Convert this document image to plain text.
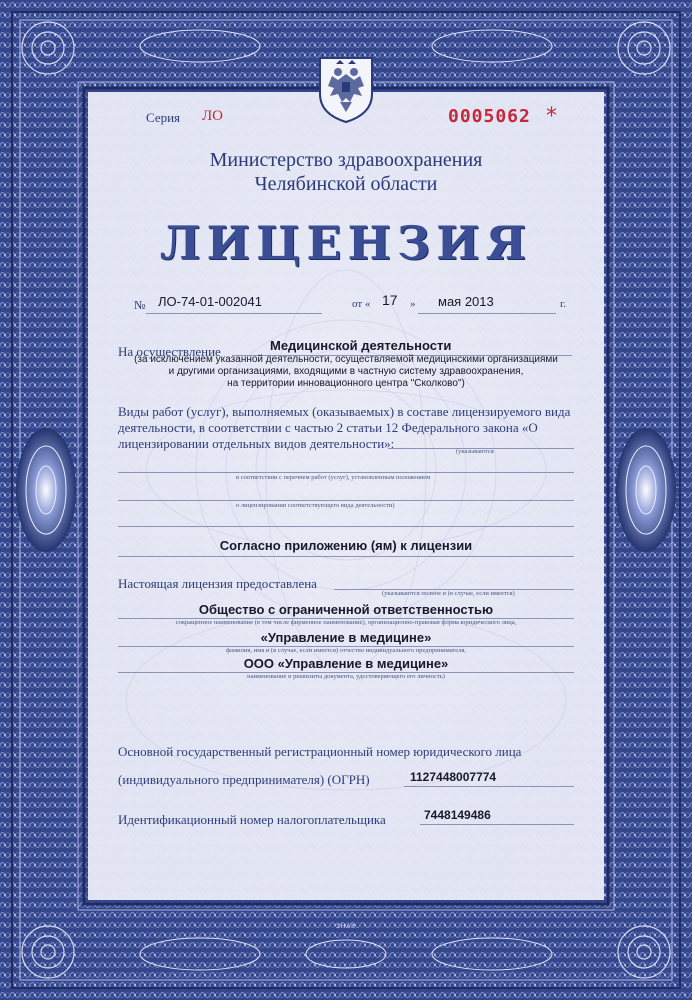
Серия ЛО	0005062 *
Министерство здравоохранения
Челябинской области
ЛИЦЕНЗИЯ
№ ЛО-74-01-002041	от « 17 » мая 2013	г.
На осуществление	Медицинской деятельности
(за исключением указанной деятельности, осуществляемой медицинскими организациями
и другими организациями, входящими в частную систему здравоохранения,
на территории инновационного центра "Сколково")
Виды работ (услуг), выполняемых (оказываемых) в составе лицензируемого вида
деятельности, в соответствии с частью 2 статьи 12 Федерального закона «О
лицензировании отдельных видов деятельности»:
(указываются
в соответствии с перечнем работ (услуг), установленным положением
о лицензировании соответствующего вида деятельности)
Согласно приложению (ям) к лицензии
Настоящая лицензия предоставлена
(указываются полное и (в случае, если имеется)
Общество с ограниченной ответственностью
сокращенное наименование (в том числе фирменное наименование), организационно-правовая форма юридического лица,
«Управление в медицине»
фамилия, имя и (в случае, если имеется) отчество индивидуального предпринимателя,
ООО «Управление в медицине»
наименование и реквизиты документа, удостоверяющего его личность)
Основной государственный регистрационный номер юридического лица
(индивидуального предпринимателя) (ОГРН)	1127448007774
Идентификационный номер налогоплательщика	7448149486
ЗНАК
